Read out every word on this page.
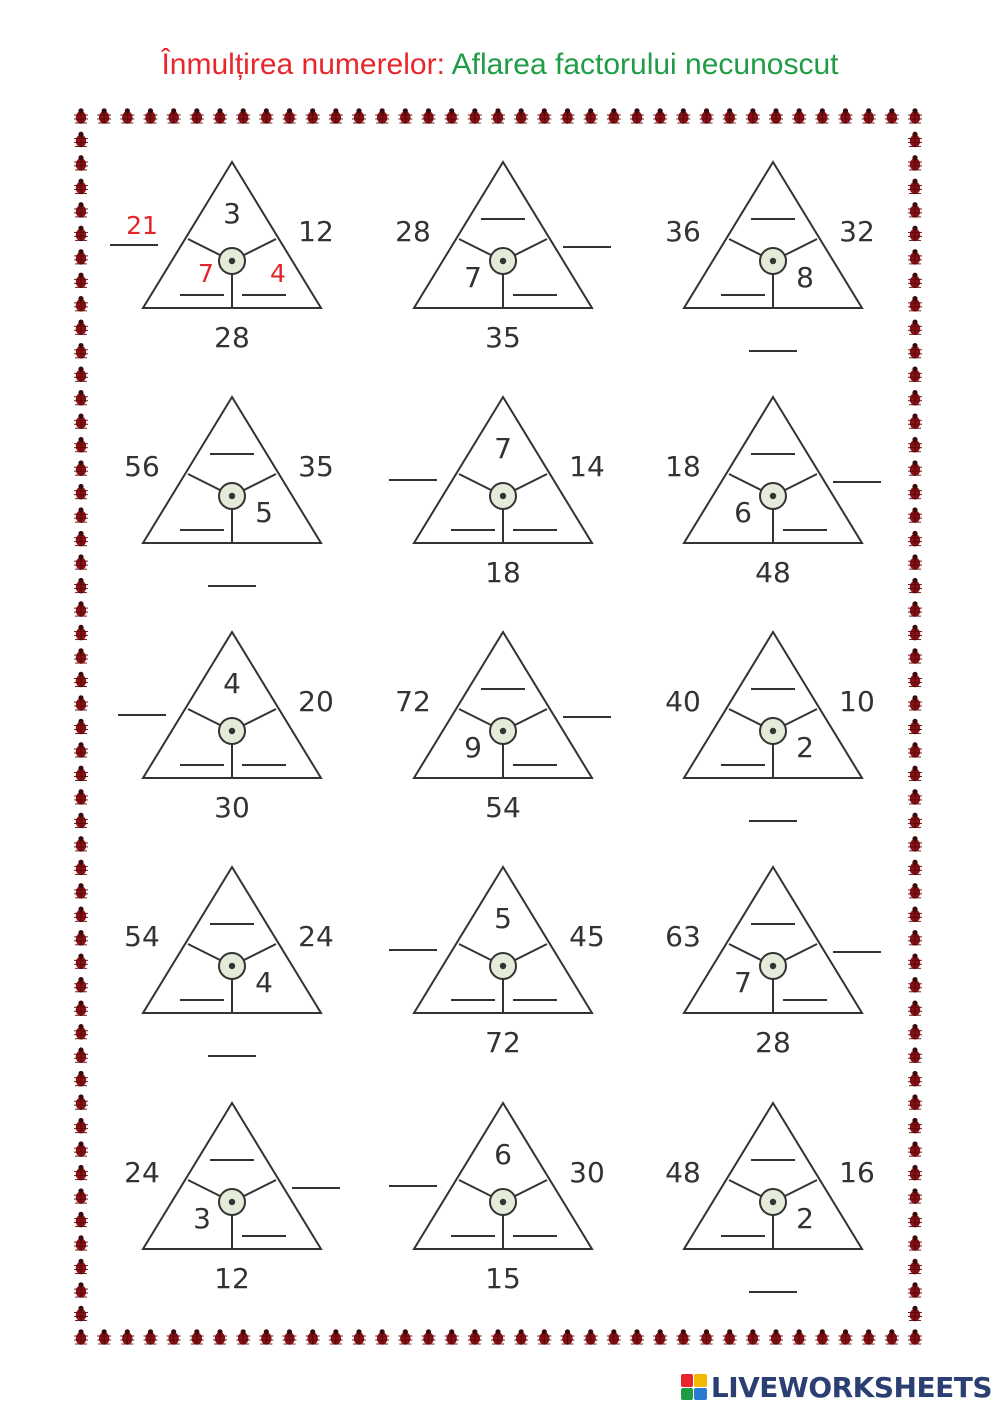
Înmulțirea numerelor: Aflarea factorului necunoscut
3
7 4
21	12
28
7
28
35
8
36	32
5
56	35
7
14
18
6
18
48
4
20
30
9
72
54
2
40	10
4
54	24
5
45
72
7
63
28
3
24
12
6
30
15
2
48	16
LIVEWORKSHEETS
